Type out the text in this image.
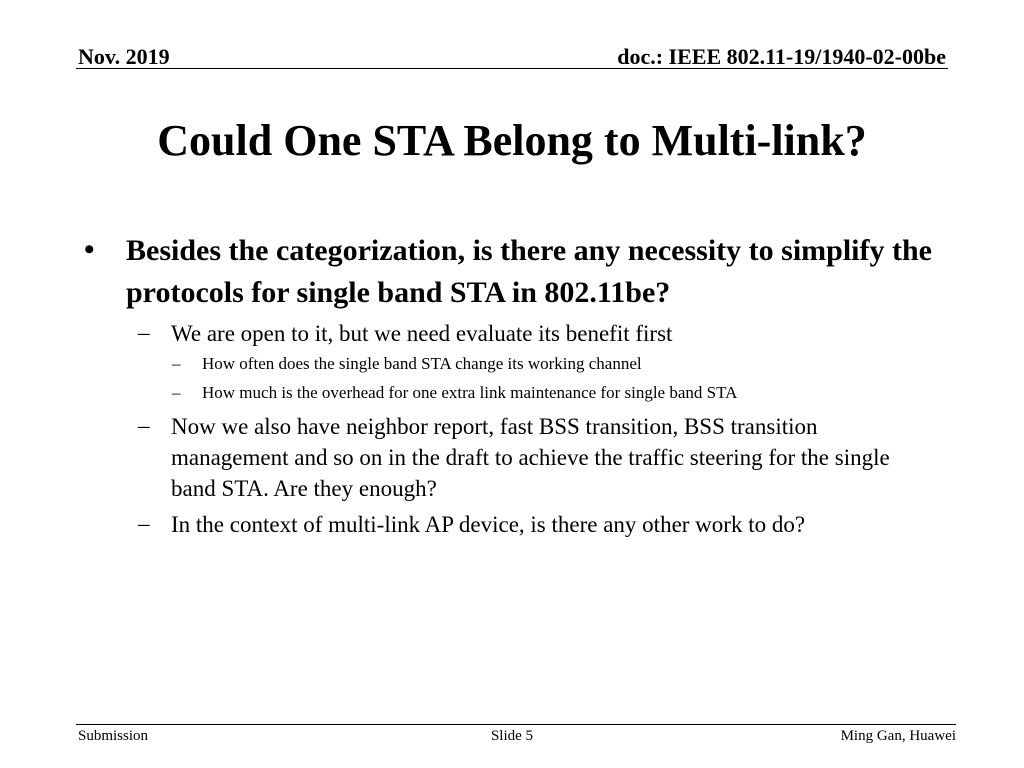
Nov. 2019	doc.: IEEE 802.11-19/1940-02-00be
Could One STA Belong to Multi-link?
• Besides the categorization, is there any necessity to simplify the protocols for single band STA in 802.11be?
– We are open to it, but we need evaluate its benefit first
– How often does the single band STA change its working channel
– How much is the overhead for one extra link maintenance for single band STA
– Now we also have neighbor report, fast BSS transition, BSS transition management and so on in the draft to achieve the traffic steering for the single band STA. Are they enough?
– In the context of multi-link AP device, is there any other work to do?
Submission	Slide 5	Ming Gan, Huawei
